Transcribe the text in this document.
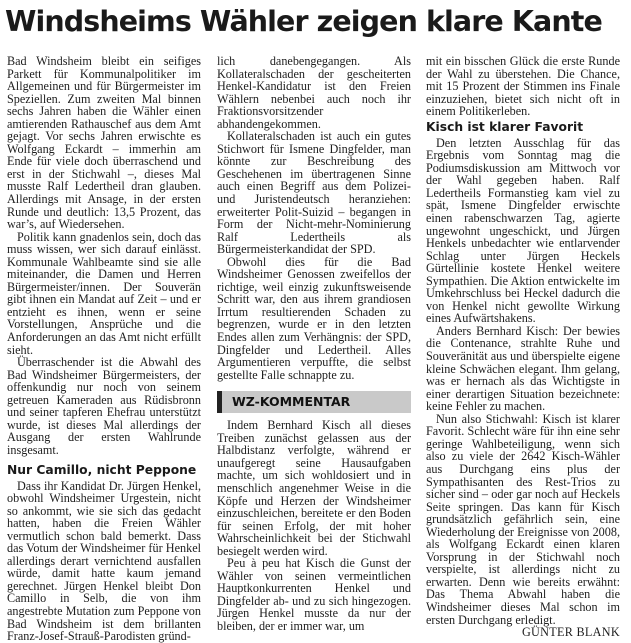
Windsheims Wähler zeigen klare Kante

Bad Windsheim bleibt ein seifiges Parkett für Kommunalpolitiker im Allgemeinen und für Bürgermeister im Speziellen. Zum zweiten Mal binnen sechs Jahren haben die Wähler einen amtierenden Rathauschef aus dem Amt gejagt. Vor sechs Jahren erwischte es Wolfgang Eckardt – immerhin am Ende für viele doch überraschend und erst in der Stichwahl –, dieses Mal musste Ralf Ledertheil dran glauben. Allerdings mit Ansage, in der ersten Runde und deutlich: 13,5 Prozent, das war’s, auf Wiedersehen.

Politik kann gnadenlos sein, doch das muss wissen, wer sich darauf einlässt. Kommunale Wahlbeamte sind sie alle miteinander, die Damen und Herren Bürgermeister/innen. Der Souverän gibt ihnen ein Mandat auf Zeit – und er entzieht es ihnen, wenn er seine Vorstellungen, Ansprüche und die Anforderungen an das Amt nicht erfüllt sieht.

Überraschender ist die Abwahl des Bad Windsheimer Bürgermeisters, der offenkundig nur noch von seinem getreuen Kameraden aus Rüdisbronn und seiner tapferen Ehefrau unterstützt wurde, ist dieses Mal allerdings der Ausgang der ersten Wahlrunde insgesamt.

Nur Camillo, nicht Peppone

Dass ihr Kandidat Dr. Jürgen Henkel, obwohl Windsheimer Urgestein, nicht so ankommt, wie sie sich das gedacht hatten, haben die Freien Wähler vermutlich schon bald bemerkt. Dass das Votum der Windsheimer für Henkel allerdings derart vernichtend ausfallen würde, damit hatte kaum jemand gerechnet. Jürgen Henkel bleibt Don Camillo in Selb, die von ihm angestrebte Mutation zum Peppone von Bad Windsheim ist dem brillanten Franz-Josef-Strauß-Parodisten gründ-

lich danebengegangen. Als Kollateralschaden der gescheiterten Henkel-Kandidatur ist den Freien Wählern nebenbei auch noch ihr Fraktionsvorsitzender abhandengekommen.

Kollateralschaden ist auch ein gutes Stichwort für Ismene Dingfelder, man könnte zur Beschreibung des Geschehenen im übertragenen Sinne auch einen Begriff aus dem Polizei- und Juristendeutsch heranziehen: erweiterter Polit-Suizid – begangen in Form der Nicht-mehr-Nominierung Ralf Ledertheils als Bürgermeisterkandidat der SPD.

Obwohl dies für die Bad Windsheimer Genossen zweifellos der richtige, weil einzig zukunftsweisende Schritt war, den aus ihrem grandiosen Irrtum resultierenden Schaden zu begrenzen, wurde er in den letzten Endes allen zum Verhängnis: der SPD, Dingfelder und Ledertheil. Alles Argumentieren verpuffte, die selbst gestellte Falle schnappte zu.

WZ-KOMMENTAR

Indem Bernhard Kisch all dieses Treiben zunächst gelassen aus der Halbdistanz verfolgte, während er unaufgeregt seine Hausaufgaben machte, um sich wohldosiert und in menschlich angenehmer Weise in die Köpfe und Herzen der Windsheimer einzuschleichen, bereitete er den Boden für seinen Erfolg, der mit hoher Wahrscheinlichkeit bei der Stichwahl besiegelt werden wird.

Peu à peu hat Kisch die Gunst der Wähler von seinen vermeintlichen Hauptkonkurrenten Henkel und Dingfelder ab- und zu sich hingezogen. Jürgen Henkel musste da nur der bleiben, der er immer war, um

mit ein bisschen Glück die erste Runde der Wahl zu überstehen. Die Chance, mit 15 Prozent der Stimmen ins Finale einzuziehen, bietet sich nicht oft in einem Politikerleben.

Kisch ist klarer Favorit

Den letzten Ausschlag für das Ergebnis vom Sonntag mag die Podiumsdiskussion am Mittwoch vor der Wahl gegeben haben. Ralf Ledertheils Formanstieg kam viel zu spät, Ismene Dingfelder erwischte einen rabenschwarzen Tag, agierte ungewohnt ungeschickt, und Jürgen Henkels unbedachter wie entlarvender Schlag unter Jürgen Heckels Gürtellinie kostete Henkel weitere Sympathien. Die Aktion entwickelte im Umkehrschluss bei Heckel dadurch die von Henkel nicht gewollte Wirkung eines Aufwärtshakens.

Anders Bernhard Kisch: Der bewies die Contenance, strahlte Ruhe und Souveränität aus und überspielte eigene kleine Schwächen elegant. Ihm gelang, was er hernach als das Wichtigste in einer derartigen Situation bezeichnete: keine Fehler zu machen.

Nun also Stichwahl: Kisch ist klarer Favorit. Schlecht wäre für ihn eine sehr geringe Wahlbeteiligung, wenn sich also zu viele der 2642 Kisch-Wähler aus Durchgang eins plus der Sympathisanten des Rest-Trios zu sicher sind – oder gar noch auf Heckels Seite springen. Das kann für Kisch grundsätzlich gefährlich sein, eine Wiederholung der Ereignisse von 2008, als Wolfgang Eckardt einen klaren Vorsprung in der Stichwahl noch verspielte, ist allerdings nicht zu erwarten. Denn wie bereits erwähnt: Das Thema Abwahl haben die Windsheimer dieses Mal schon im ersten Durchgang erledigt.
GÜNTER BLANK
